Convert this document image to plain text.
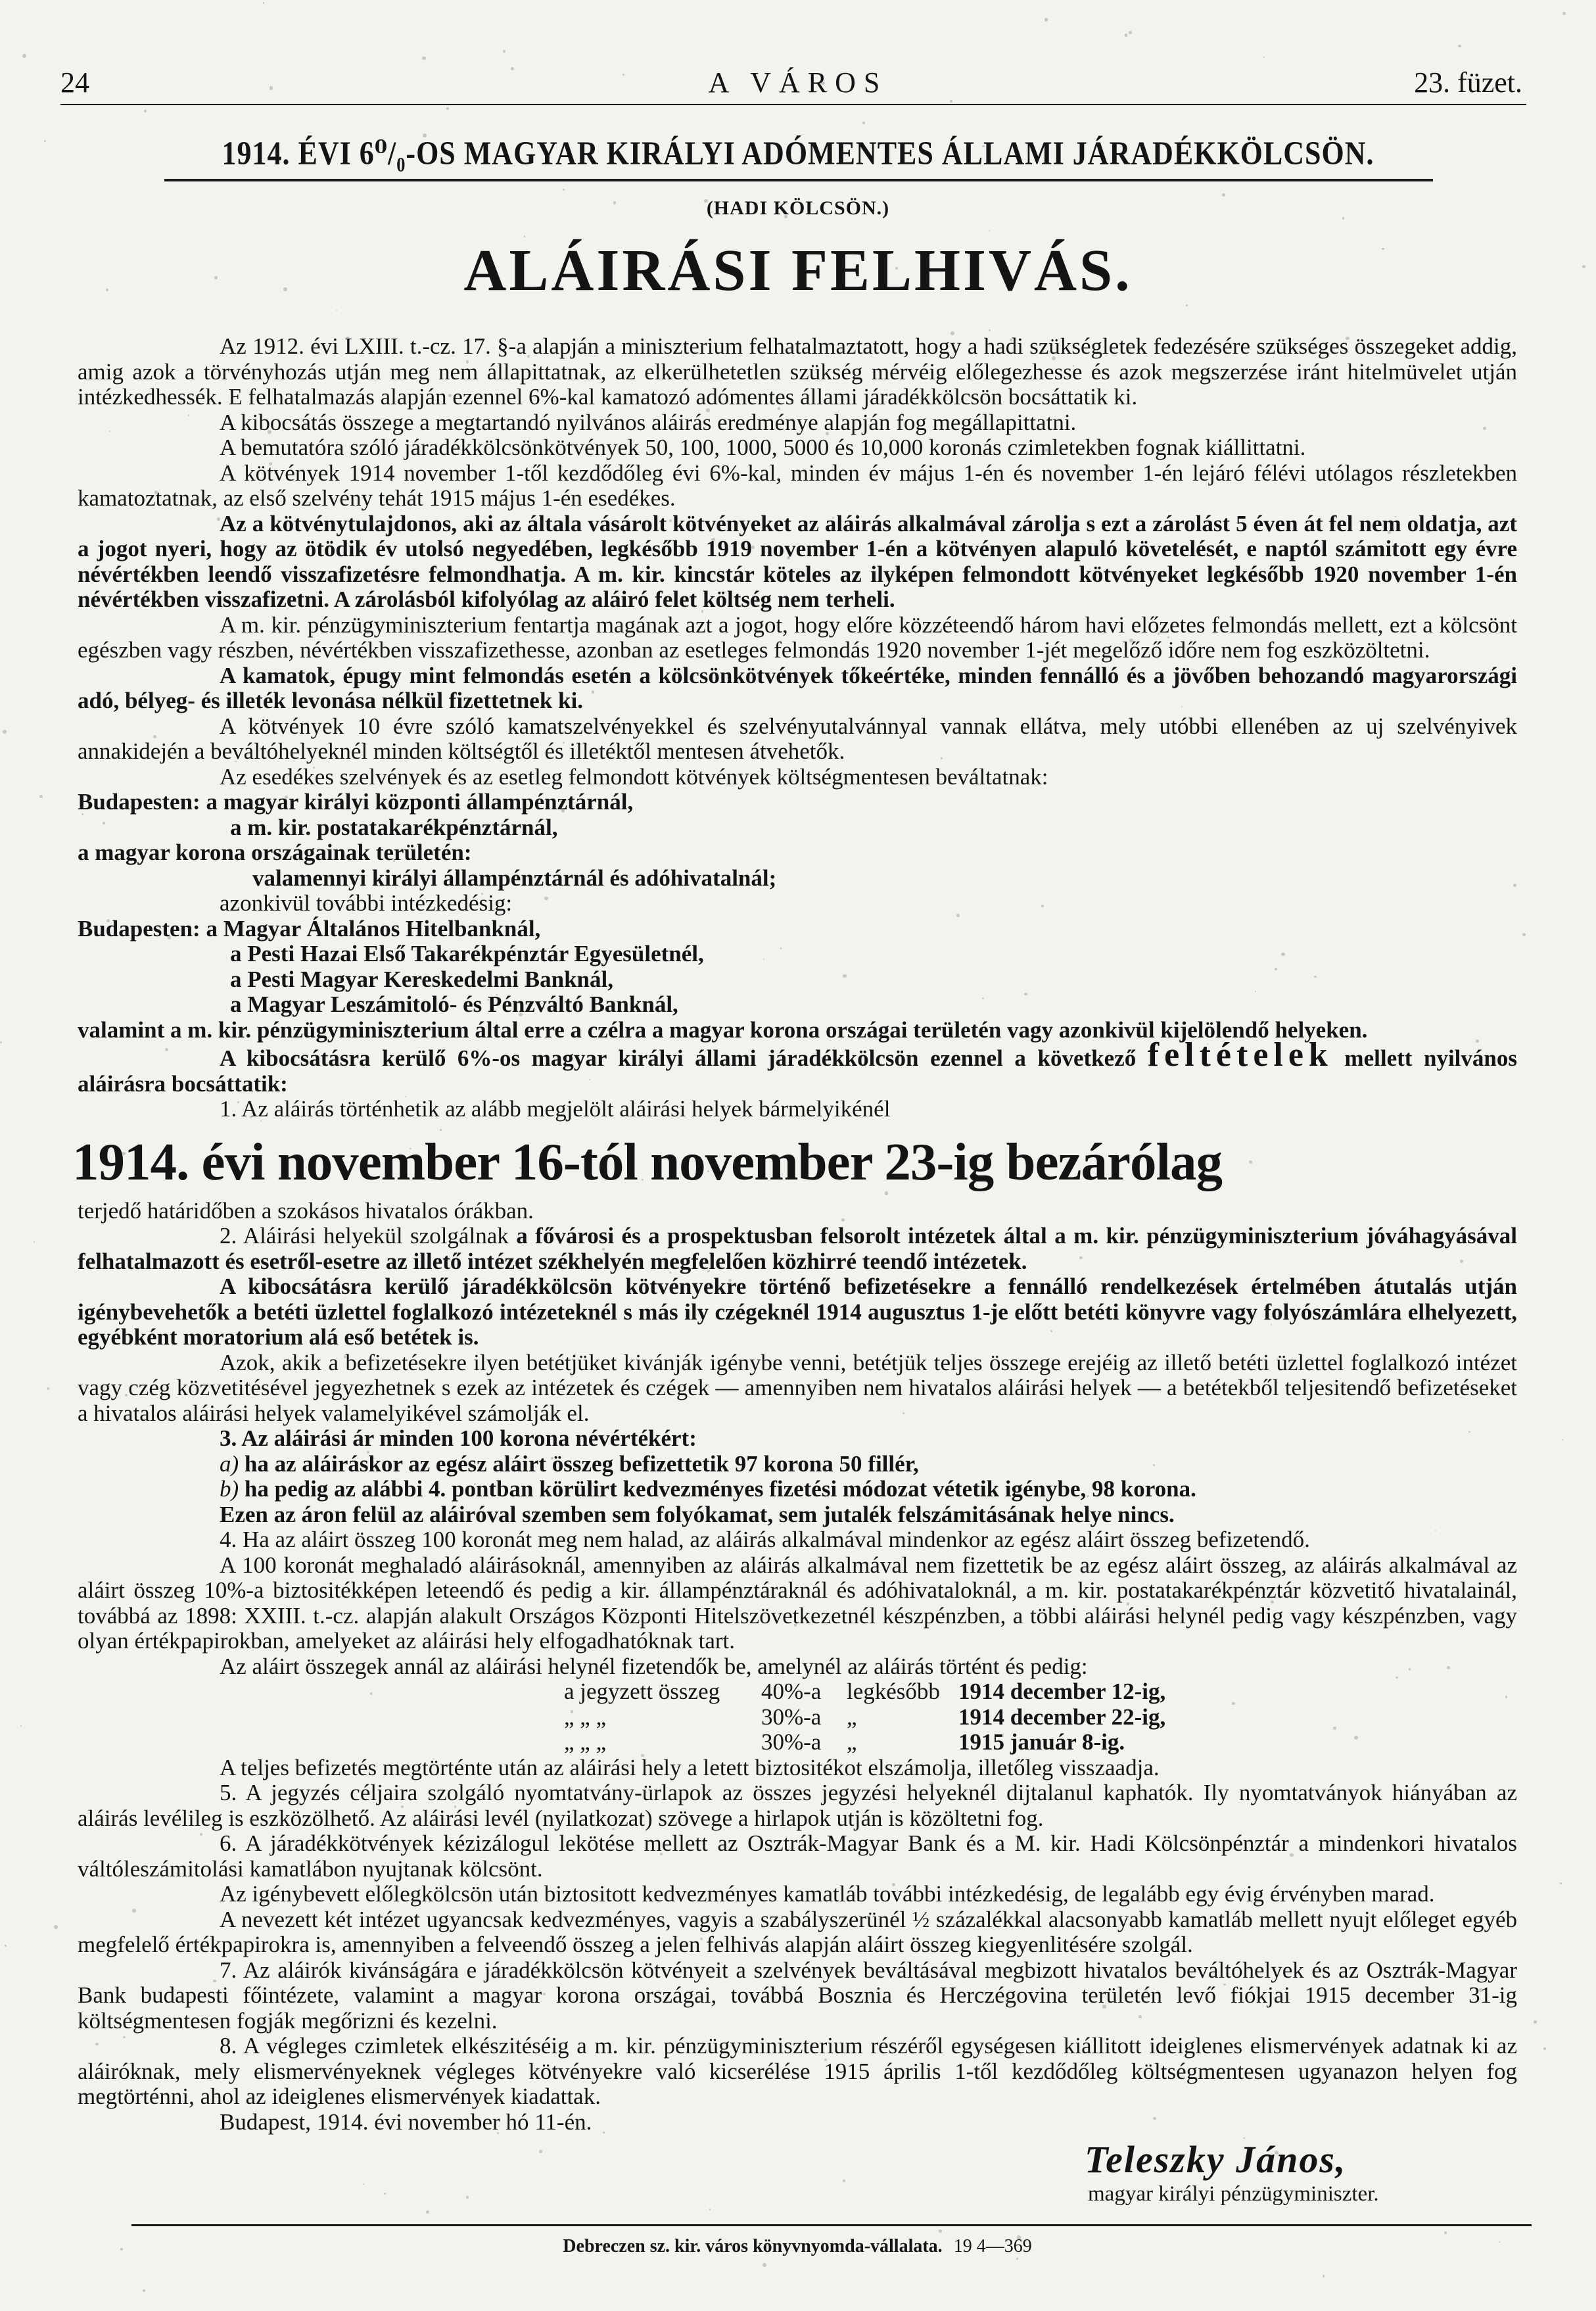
24	A VÁROS	23. füzet.
1914. ÉVI 6⁰/₀-OS MAGYAR KIRÁLYI ADÓMENTES ÁLLAMI JÁRADÉKKÖLCSÖN.
(HADI KÖLCSÖN.)
ALÁIRÁSI FELHIVÁS.
Az 1912. évi LXIII. t.-cz. 17. §-a alapján a miniszterium felhatalmaztatott, hogy a hadi szükségletek fedezésére szükséges összegeket addig, amig azok a törvényhozás utján meg nem állapittatnak, az elkerülhetetlen szükség mérvéig előlegezhesse és azok megszerzése iránt hitelmüvelet utján intézkedhessék. E felhatalmazás alapján ezennel 6%-kal kamatozó adómentes állami járadékkölcsön bocsáttatik ki.
A kibocsátás összege a megtartandó nyilvános aláirás eredménye alapján fog megállapittatni.
A bemutatóra szóló járadékkölcsönkötvények 50, 100, 1000, 5000 és 10,000 koronás czimletekben fognak kiállittatni.
A kötvények 1914 november 1-től kezdődőleg évi 6%-kal, minden év május 1-én és november 1-én lejáró félévi utólagos részletekben kamatoztatnak, az első szelvény tehát 1915 május 1-én esedékes.
Az a kötvénytulajdonos, aki az általa vásárolt kötvényeket az aláirás alkalmával zárolja s ezt a zárolást 5 éven át fel nem oldatja, azt a jogot nyeri, hogy az ötödik év utolsó negyedében, legkésőbb 1919 november 1-én a kötvényen alapuló követelését, e naptól számitott egy évre névértékben leendő visszafizetésre felmondhatja. A m. kir. kincstár köteles az ilyképen felmondott kötvényeket legkésőbb 1920 november 1-én névértékben visszafizetni. A zárolásból kifolyólag az aláiró felet költség nem terheli.
A m. kir. pénzügyminiszterium fentartja magának azt a jogot, hogy előre közzéteendő három havi előzetes felmondás mellett, ezt a kölcsönt egészben vagy részben, névértékben visszafizethesse, azonban az esetleges felmondás 1920 november 1-jét megelőző időre nem fog eszközöltetni.
A kamatok, épugy mint felmondás esetén a kölcsönkötvények tőkeértéke, minden fennálló és a jövőben behozandó magyarországi adó, bélyeg- és illeték levonása nélkül fizettetnek ki.
A kötvények 10 évre szóló kamatszelvényekkel és szelvényutalvánnyal vannak ellátva, mely utóbbi ellenében az uj szelvényivek annakidején a beváltóhelyeknél minden költségtől és illetéktől mentesen átvehetők.
Az esedékes szelvények és az esetleg felmondott kötvények költségmentesen beváltatnak:
Budapesten: a magyar királyi központi állampénztárnál,
a m. kir. postatakarékpénztárnál,
a magyar korona országainak területén:
valamennyi királyi állampénztárnál és adóhivatalnál;
azonkivül további intézkedésig:
Budapesten: a Magyar Általános Hitelbanknál,
a Pesti Hazai Első Takarékpénztár Egyesületnél,
a Pesti Magyar Kereskedelmi Banknál,
a Magyar Leszámitoló- és Pénzváltó Banknál,
valamint a m. kir. pénzügyminiszterium által erre a czélra a magyar korona országai területén vagy azonkivül kijelölendő helyeken.
A kibocsátásra kerülő 6%-os magyar királyi állami járadékkölcsön ezennel a következő feltételek mellett nyilvános aláirásra bocsáttatik:
1. Az aláirás történhetik az alább megjelölt aláirási helyek bármelyikénél
1914. évi november 16-tól november 23-ig bezárólag
terjedő határidőben a szokásos hivatalos órákban.
2. Aláirási helyekül szolgálnak a fővárosi és a prospektusban felsorolt intézetek által a m. kir. pénzügyminiszterium jóváhagyásával felhatalmazott és esetről-esetre az illető intézet székhelyén megfelelően közhirré teendő intézetek.
A kibocsátásra kerülő járadékkölcsön kötvényekre történő befizetésekre a fennálló rendelkezések értelmében átutalás utján igénybevehetők a betéti üzlettel foglalkozó intézeteknél s más ily czégeknél 1914 augusztus 1-je előtt betéti könyvre vagy folyószámlára elhelyezett, egyébként moratorium alá eső betétek is.
Azok, akik a befizetésekre ilyen betétjüket kivánják igénybe venni, betétjük teljes összege erejéig az illető betéti üzlettel foglalkozó intézet vagy czég közvetitésével jegyezhetnek s ezek az intézetek és czégek — amennyiben nem hivatalos aláirási helyek — a betétekből teljesitendő befizetéseket a hivatalos aláirási helyek valamelyikével számolják el.
3. Az aláirási ár minden 100 korona névértékért:
a) ha az aláiráskor az egész aláirt összeg befizettetik 97 korona 50 fillér,
b) ha pedig az alábbi 4. pontban körülirt kedvezményes fizetési módozat vétetik igénybe, 98 korona.
Ezen az áron felül az aláiróval szemben sem folyókamat, sem jutalék felszámitásának helye nincs.
4. Ha az aláirt összeg 100 koronát meg nem halad, az aláirás alkalmával mindenkor az egész aláirt összeg befizetendő.
A 100 koronát meghaladó aláirásoknál, amennyiben az aláirás alkalmával nem fizettetik be az egész aláirt összeg, az aláirás alkalmával az aláirt összeg 10%-a biztositékképen leteendő és pedig a kir. állampénztáraknál és adóhivataloknál, a m. kir. postatakarékpénztár közvetitő hivatalainál, továbbá az 1898: XXIII. t.-cz. alapján alakult Országos Központi Hitelszövetkezetnél készpénzben, a többi aláirási helynél pedig vagy készpénzben, vagy olyan értékpapirokban, amelyeket az aláirási hely elfogadhatóknak tart.
Az aláirt összegek annál az aláirási helynél fizetendők be, amelynél az aláirás történt és pedig:
a jegyzett összeg	40%-a	legkésőbb 1914 december 12-ig,
„ „ „	30%-a	„	1914 december 22-ig,
„ „ „	30%-a	„	1915 január 8-ig.
A teljes befizetés megtörténte után az aláirási hely a letett biztositékot elszámolja, illetőleg visszaadja.
5. A jegyzés céljaira szolgáló nyomtatvány-ürlapok az összes jegyzési helyeknél dijtalanul kaphatók. Ily nyomtatványok hiányában az aláirás levélileg is eszközölhető. Az aláirási levél (nyilatkozat) szövege a hirlapok utján is közöltetni fog.
6. A járadékkötvények kézizálogul lekötése mellett az Osztrák-Magyar Bank és a M. kir. Hadi Kölcsönpénztár a mindenkori hivatalos váltóleszámitolási kamatlábon nyujtanak kölcsönt.
Az igénybevett előlegkölcsön után biztositott kedvezményes kamatláb további intézkedésig, de legalább egy évig érvényben marad.
A nevezett két intézet ugyancsak kedvezményes, vagyis a szabályszerünél ½ százalékkal alacsonyabb kamatláb mellett nyujt előleget egyéb megfelelő értékpapirokra is, amennyiben a felveendő összeg a jelen felhivás alapján aláirt összeg kiegyenlitésére szolgál.
7. Az aláirók kivánságára e járadékkölcsön kötvényeit a szelvények beváltásával megbizott hivatalos beváltóhelyek és az Osztrák-Magyar Bank budapesti főintézete, valamint a magyar korona országai, továbbá Bosznia és Herczégovina területén levő fiókjai 1915 december 31-ig költségmentesen fogják megőrizni és kezelni.
8. A végleges czimletek elkészitéséig a m. kir. pénzügyminiszterium részéről egységesen kiállitott ideiglenes elismervények adatnak ki az aláiróknak, mely elismervényeknek végleges kötvényekre való kicserélése 1915 április 1-től kezdődőleg költségmentesen ugyanazon helyen fog megtörténni, ahol az ideiglenes elismervények kiadattak.
Budapest, 1914. évi november hó 11-én.
Teleszky János,
magyar királyi pénzügyminiszter.
Debreczen sz. kir. város könyvnyomda-vállalata. 19 4—369
